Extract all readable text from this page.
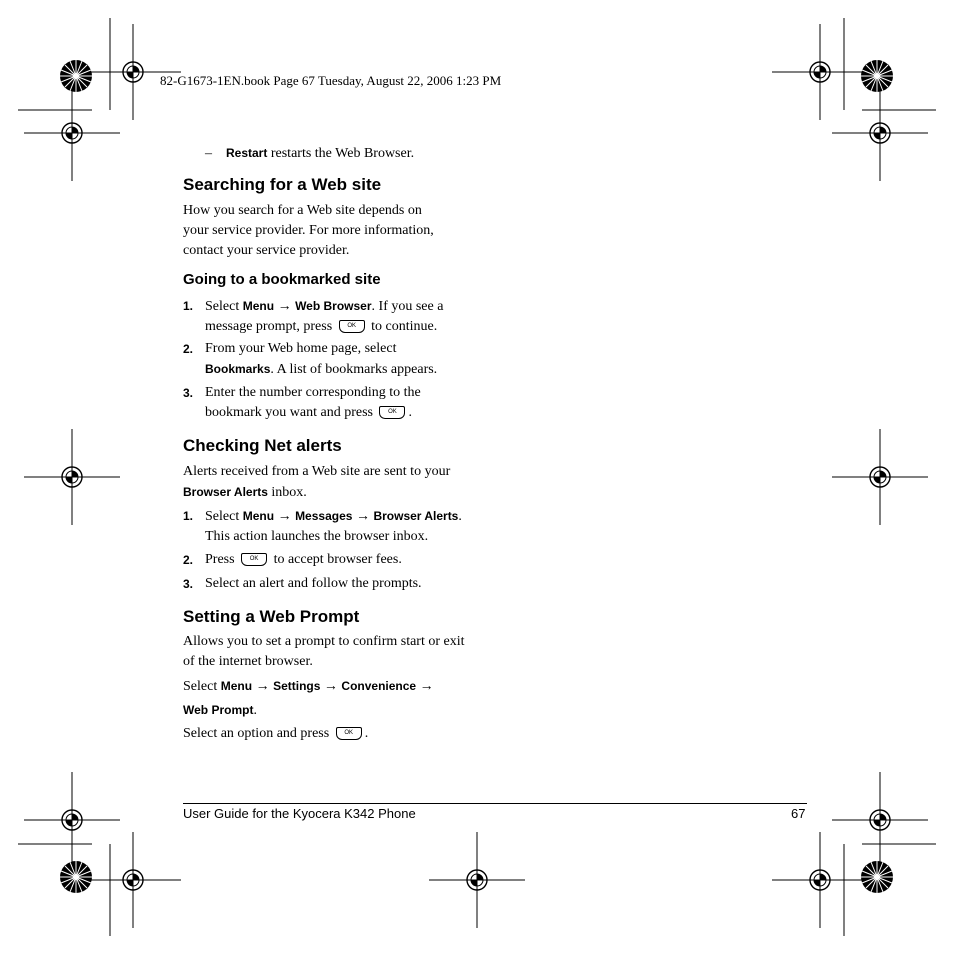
82-G1673-1EN.book Page 67 Tuesday, August 22, 2006 1:23 PM
– Restart restarts the Web Browser.
Searching for a Web site
How you search for a Web site depends on
your service provider. For more information,
contact your service provider.
Going to a bookmarked site
1. Select Menu → Web Browser. If you see a
message prompt, press OK to continue.
2. From your Web home page, select
Bookmarks. A list of bookmarks appears.
3. Enter the number corresponding to the
bookmark you want and press OK .
Checking Net alerts
Alerts received from a Web site are sent to your
Browser Alerts inbox.
1. Select Menu → Messages → Browser Alerts.
This action launches the browser inbox.
2. Press OK to accept browser fees.
3. Select an alert and follow the prompts.
Setting a Web Prompt
Allows you to set a prompt to confirm start or exit
of the internet browser.
Select Menu → Settings → Convenience →
Web Prompt.
Select an option and press OK .
User Guide for the Kyocera K342 Phone	67
